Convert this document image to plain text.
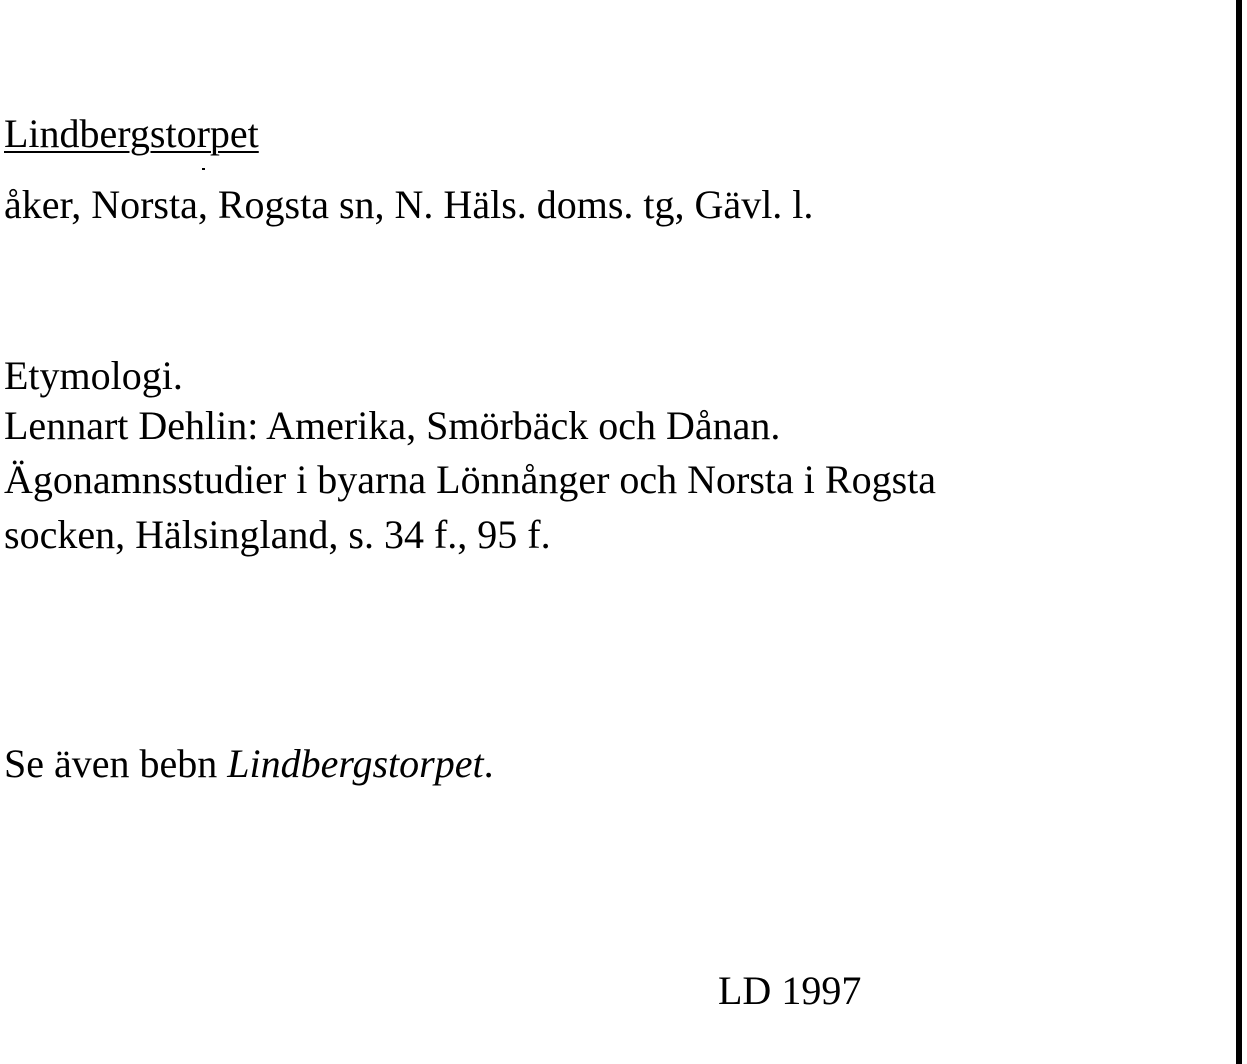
Lindbergstorpet
åker, Norsta, Rogsta sn, N. Häls. doms. tg, Gävl. l.
Etymologi.
Lennart Dehlin: Amerika, Smörbäck och Dånan.
Ägonamnsstudier i byarna Lönnånger och Norsta i Rogsta
socken, Hälsingland, s. 34 f., 95 f.
Se även bebn Lindbergstorpet.
LD 1997
